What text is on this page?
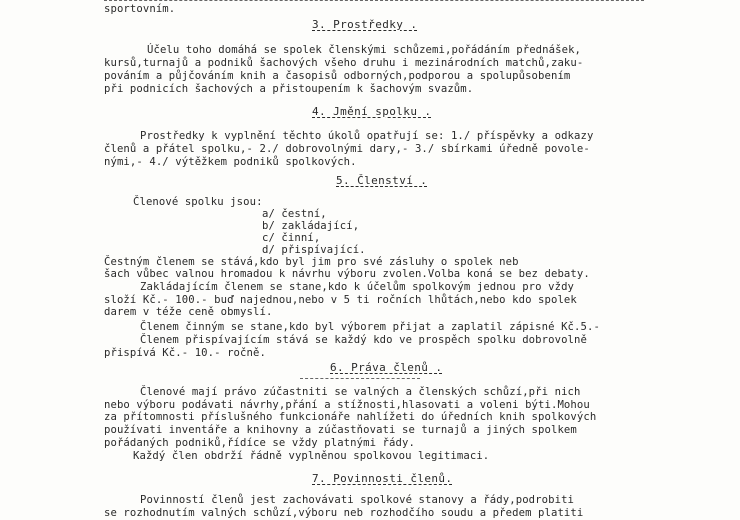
sportovním.
3. Prostředky .
Účelu toho domáhá se spolek členskými schůzemi,pořádáním přednášek,
kursů,turnajů a podniků šachových všeho druhu i mezinárodních matchů,zaku-
pováním a půjčováním knih a časopisů odborných,podporou a spolupůsobením
při podnicích šachových a přistoupením k šachovým svazům.
4. Jmění spolku .
Prostředky k vyplnění těchto úkolů opatřují se: 1./ příspěvky a odkazy
členů a přátel spolku,- 2./ dobrovolnými dary,- 3./ sbírkami úředně povole-
nými,- 4./ výtěžkem podniků spolkových.
5. Členství .
Členové spolku jsou:
a/ čestní,
b/ zakládající,
c/ činní,
d/ přispívající.
Čestným členem se stává,kdo byl jim pro své zásluhy o spolek neb
šach vůbec valnou hromadou k návrhu výboru zvolen.Volba koná se bez debaty.
Zakládajícím členem se stane,kdo k účelům spolkovým jednou pro vždy
složí Kč.- 100.- buď najednou,nebo v 5 ti ročních lhůtách,nebo kdo spolek
darem v téže ceně obmyslí.
Členem činným se stane,kdo byl výborem přijat a zaplatil zápisné Kč.5.-
Členem přispívajícím stává se každý kdo ve prospěch spolku dobrovolně
přispívá Kč.- 10.- ročně.
6. Práva členů .
Členové mají právo zúčastniti se valných a členských schůzí,při nich
nebo výboru podávati návrhy,přání a stížnosti,hlasovati a voleni býti.Mohou
za přítomnosti příslušného funkcionáře nahlížeti do úředních knih spolkových
používati inventáře a knihovny a zúčastňovati se turnajů a jiných spolkem
pořádaných podniků,řídíce se vždy platnými řády.
Každý člen obdrží řádně vyplněnou spolkovou legitimaci.
7. Povinnosti členů.
Povinností členů jest zachovávati spolkové stanovy a řády,podrobiti
se rozhodnutím valných schůzí,výboru neb rozhodčího soudu a předem platiti
